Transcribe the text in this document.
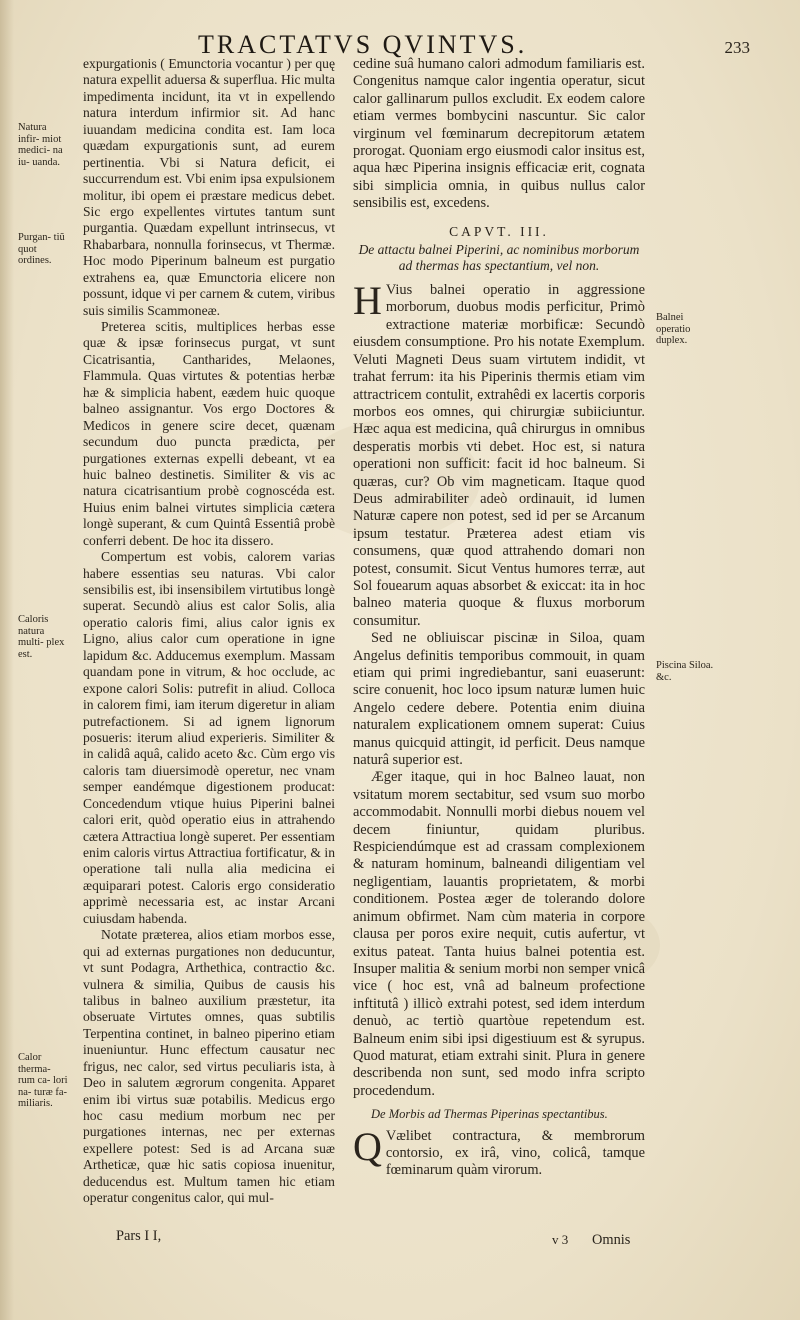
TRACTATVS QVINTVS.	233

expurgationis ( Emunctoria vocantur ) per quę natura expellit aduersa & superflua. Hic multa impedimenta incidunt, ita vt in expellendo natura interdum infirmior sit. Ad hanc iuuandam medicina condita est. Iam loca quædam expurgationis sunt, ad eurem pertinentia. Vbi si Natura deficit, ei succurrendum est. Vbi enim ipsa expulsionem molitur, ibi opem ei præstare medicus debet. Sic ergo expellentes virtutes tantum sunt purgantia. Quædam expellunt intrinsecus, vt Rhabarbara, nonnulla forinsecus, vt Thermæ. Hoc modo Piperinum balneum est purgatio extrahens ea, quæ Emunctoria elicere non possunt, idque vi per carnem & cutem, viribus suis similis Scammoneæ.

Preterea scitis, multiplices herbas esse quæ & ipsæ forinsecus purgat, vt sunt Cicatrisantia, Cantharides, Melaones, Flammula. Quas virtutes & potentias herbæ hæ & simplicia habent, eædem huic quoque balneo assignantur. Vos ergo Doctores & Medicos in genere scire decet, quænam secundum duo puncta prædicta, per purgationes externas expelli debeant, vt ea huic balneo destinetis. Similiter & vis ac natura cicatrisantium probè cognoscéda est. Huius enim balnei virtutes simplicia cætera longè superant, & cum Quintâ Essentiâ probè conferri debent. De hoc ita dissero.

Compertum est vobis, calorem varias habere essentias seu naturas. Vbi calor sensibilis est, ibi insensibilem virtutibus longè superat. Secundò alius est calor Solis, alia operatio caloris fimi, alius calor ignis ex Ligno, alius calor cum operatione in igne lapidum &c. Adducemus exemplum. Massam quandam pone in vitrum, & hoc occlude, ac expone calori Solis: putrefit in aliud. Colloca in calorem fimi, iam iterum digeretur in aliam putrefactionem. Si ad ignem lignorum posueris: iterum aliud experieris. Similiter & in calidâ aquâ, calido aceto &c. Cùm ergo vis caloris tam diuersimodè operetur, nec vnam semper eandémque digestionem producat: Concedendum vtique huius Piperini balnei calori erit, quòd operatio eius in attrahendo cætera Attractiua longè superet. Per essentiam enim caloris virtus Attractiua fortificatur, & in operatione tali nulla alia medicina ei æquiparari potest. Caloris ergo consideratio apprimè necessaria est, ac instar Arcani cuiusdam habenda.

Notate præterea, alios etiam morbos esse, qui ad externas purgationes non deducuntur, vt sunt Podagra, Arthethica, contractio &c. vulnera & similia, Quibus de causis his talibus in balneo auxilium præstetur, ita obseruate Virtutes omnes, quas subtilis Terpentina continet, in balneo piperino etiam inueniuntur. Hunc effectum causatur nec frigus, nec calor, sed virtus peculiaris ista, à Deo in salutem ægrorum congenita. Apparet enim ibi virtus suæ potabilis. Medicus ergo hoc casu medium morbum nec per purgationes internas, nec per externas expellere potest: Sed is ad Arcana suæ Artheticæ, quæ hic satis copiosa inuenitur, deducendus est. Multum tamen hic etiam operatur congenitus calor, qui mul-

cedine suâ humano calori admodum familiaris est. Congenitus namque calor ingentia operatur, sicut calor gallinarum pullos excludit. Ex eodem calore etiam vermes bombycini nascuntur. Sic calor virginum vel fœminarum decrepitorum ætatem prorogat. Quoniam ergo eiusmodi calor insitus est, aqua hæc Piperina insignis efficaciæ erit, cognata sibi simplicia omnia, in quibus nullus calor sensibilis est, excedens.

CAPVT. III.
De attactu balnei Piperini, ac nominibus morborum ad thermas has spectantium, vel non.

HVius balnei operatio in aggressione morborum, duobus modis perficitur, Primò extractione materiæ morbificæ: Secundò eiusdem consumptione. Pro his notate Exemplum. Veluti Magneti Deus suam virtutem indidit, vt trahat ferrum: ita his Piperinis thermis etiam vim attractricem contulit, extrahêdi ex lacertis corporis morbos eos omnes, qui chirurgiæ subiiciuntur. Hæc aqua est medicina, quâ chirurgus in omnibus desperatis morbis vti debet. Hoc est, si natura operationi non sufficit: facit id hoc balneum. Si quæras, cur? Ob vim magneticam. Itaque quod Deus admirabiliter adeò ordinauit, id lumen Naturæ capere non potest, sed id per se Arcanum ipsum testatur. Præterea adest etiam vis consumens, quæ quod attrahendo domari non potest, consumit. Sicut Ventus humores terræ, aut Sol fouearum aquas absorbet & exiccat: ita in hoc balneo materia quoque & fluxus morborum consumitur.

Sed ne obliuiscar piscinæ in Siloa, quam Angelus definitis temporibus commouit, in quam etiam qui primi ingrediebantur, sani euaserunt: scire conuenit, hoc loco ipsum naturæ lumen huic Angelo cedere debere. Potentia enim diuina naturalem explicationem omnem superat: Cuius manus quicquid attingit, id perficit. Deus namque naturâ superior est.

Æger itaque, qui in hoc Balneo lauat, non vsitatum morem sectabitur, sed vsum suo morbo accommodabit. Nonnulli morbi diebus nouem vel decem finiuntur, quidam pluribus. Respiciendúmque est ad crassam complexionem & naturam hominum, balneandi diligentiam vel negligentiam, lauantis proprietatem, & morbi conditionem. Postea æger de tolerando dolore animum obfirmet. Nam cùm materia in corpore clausa per poros exire nequit, cutis aufertur, vt exitus pateat. Tanta huius balnei potentia est. Insuper malitia & senium morbi non semper vnicâ vice ( hoc est, vnâ ad balneum profectione inftitutâ ) illicò extrahi potest, sed idem interdum denuò, ac tertiò quartòue repetendum est. Balneum enim sibi ipsi digestiuum est & syrupus. Quod maturat, etiam extrahi sinit. Plura in genere describenda non sunt, sed modo infra scripto procedendum.

De Morbis ad Thermas Piperinas spectantibus.

QVælibet contractura, & membrorum contorsio, ex irâ, vino, colicâ, tamque fœminarum quàm virorum.

Natura infir- miot medici- na iu- uanda.
Purgan- tiũ quot ordines.
Caloris natura multi- plex est.
Calor therma- rum ca- lori na- turæ fa- miliaris.
Balnei operatio duplex.
Piscina Siloa. &c.
Pars I I,	v 3 Omnis
